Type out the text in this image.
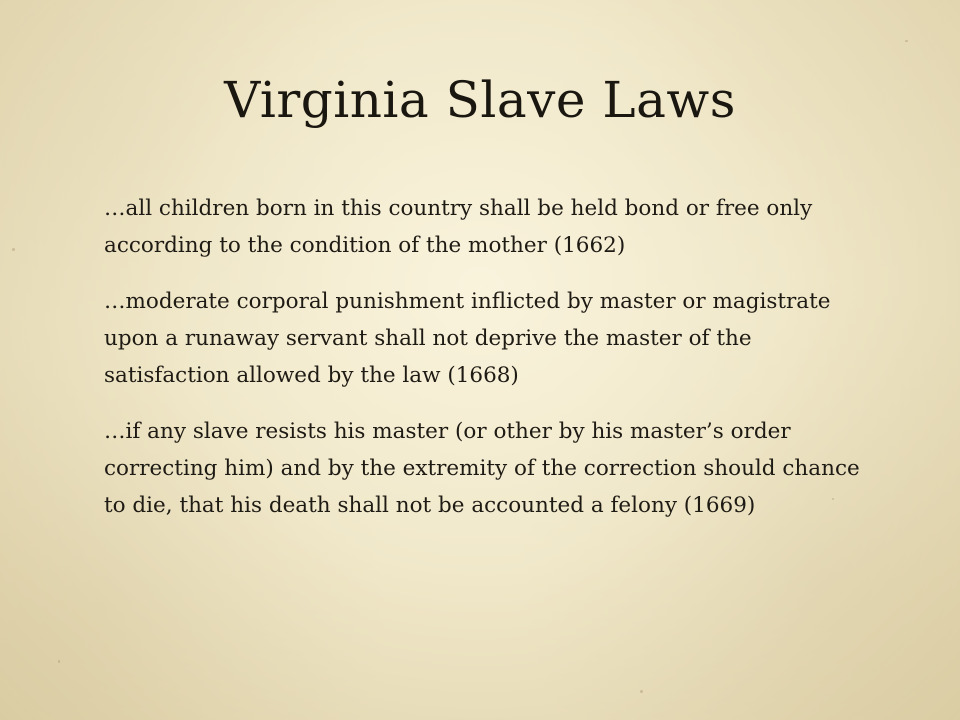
Virginia Slave Laws
…all children born in this country shall be held bond or free only according to the condition of the mother (1662)
…moderate corporal punishment inflicted by master or magistrate upon a runaway servant shall not deprive the master of the satisfaction allowed by the law (1668)
…if any slave resists his master (or other by his master’s order correcting him) and by the extremity of the correction should chance to die, that his death shall not be accounted a felony (1669)
